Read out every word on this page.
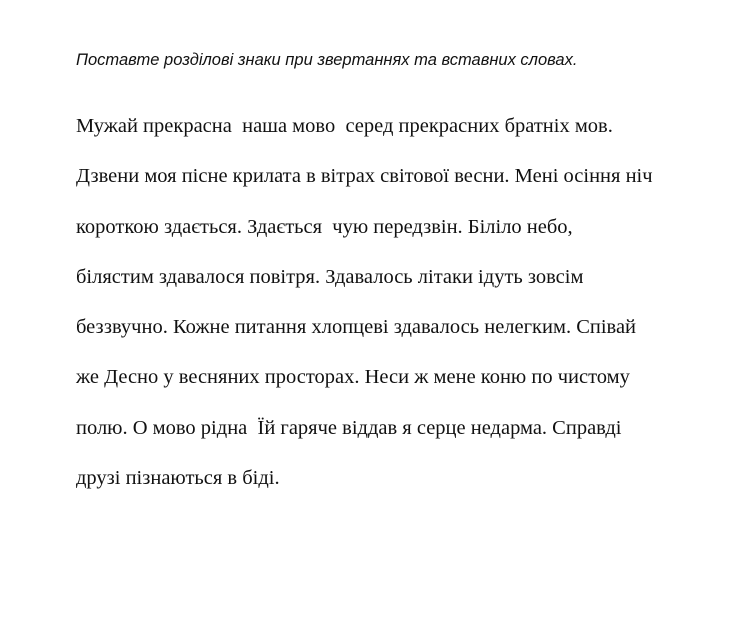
Поставте розділові знаки при звертаннях та вставних словах.

Мужай прекрасна  наша мово  серед прекрасних братніх мов.
Дзвени моя пісне крилата в вітрах світової весни. Мені осіння ніч
короткою здається. Здається  чую передзвін. Біліло небо,
білястим здавалося повітря. Здавалось літаки ідуть зовсім
беззвучно. Кожне питання хлопцеві здавалось нелегким. Співай
же Десно у весняних просторах. Неси ж мене коню по чистому
полю. О мово рідна  Їй гаряче віддав я серце недарма. Справді
друзі пізнаються в біді.
